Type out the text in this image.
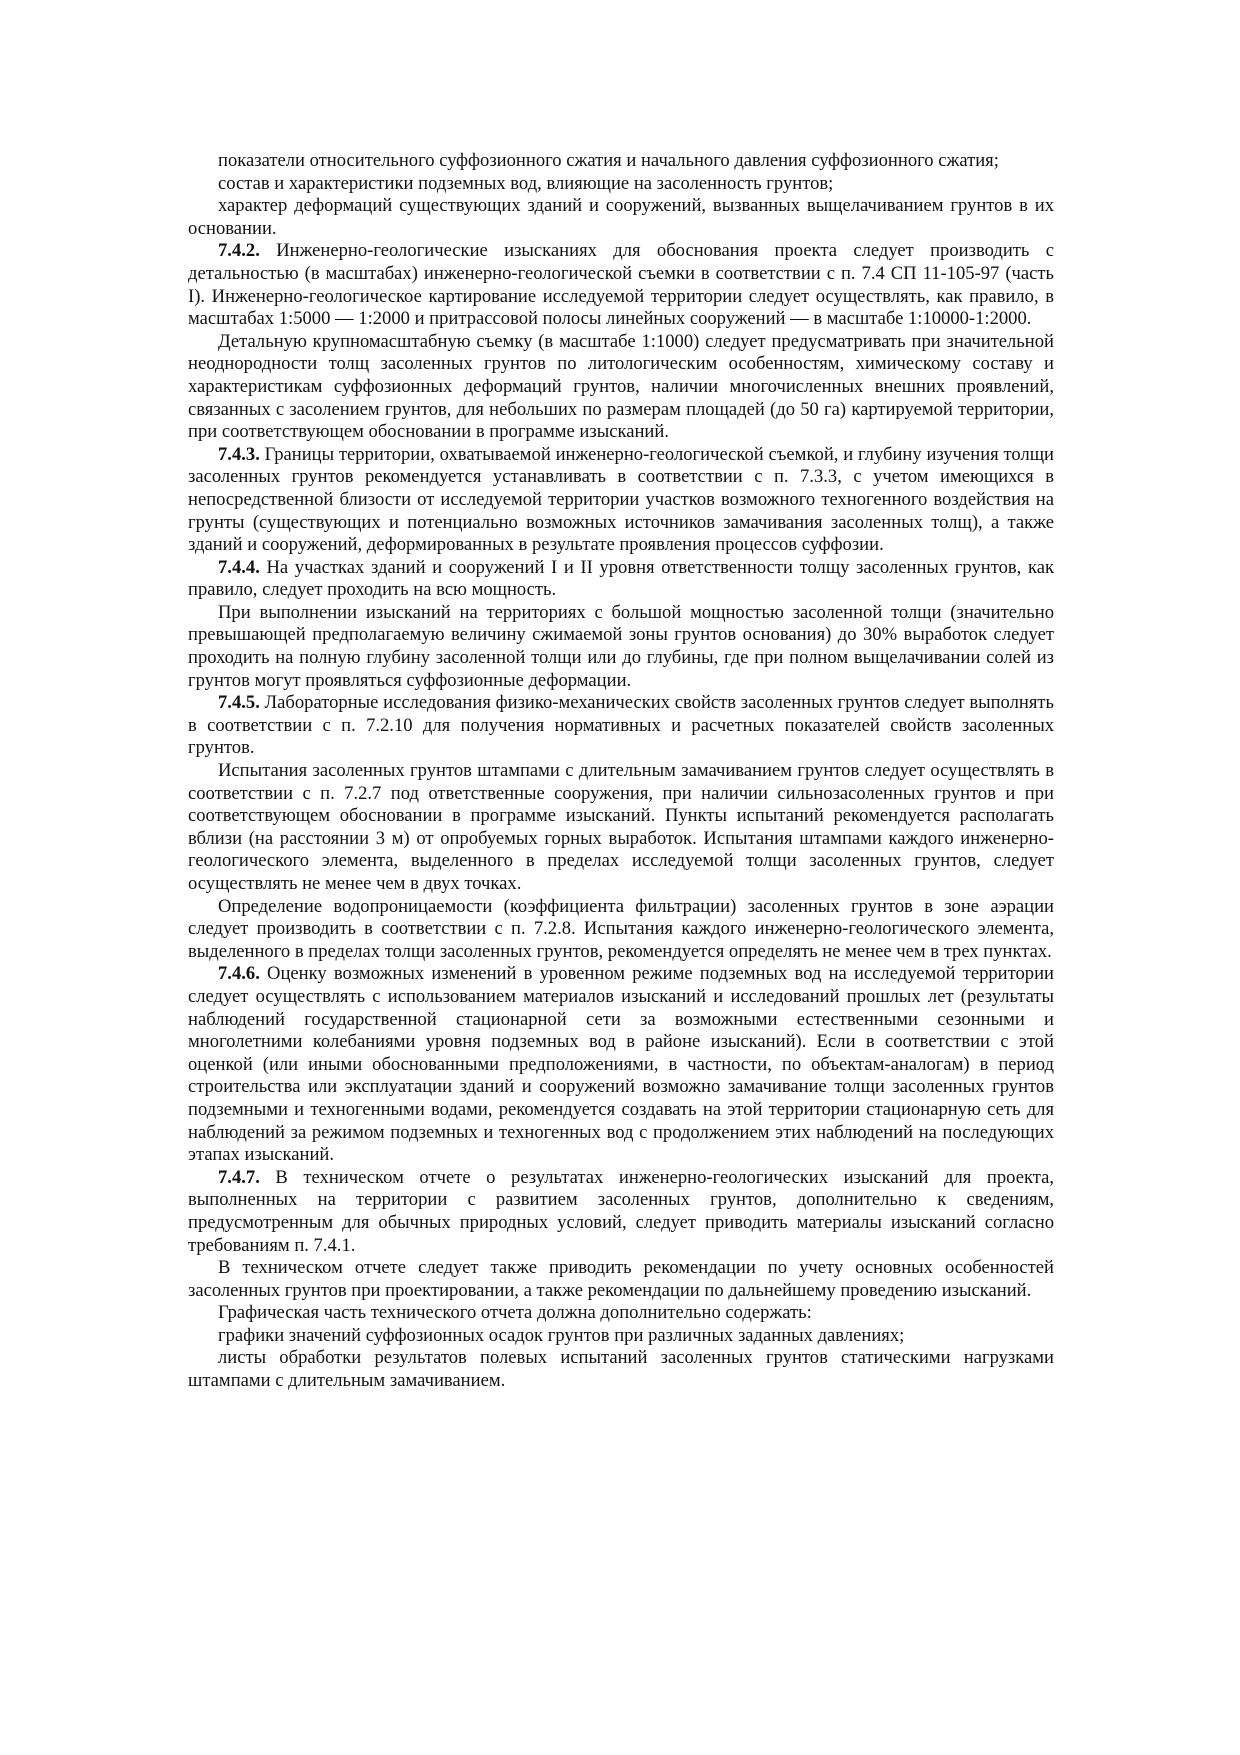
показатели относительного суффозионного сжатия и начального давления суффозионного сжатия;

состав и характеристики подземных вод, влияющие на засоленность грунтов;

характер деформаций существующих зданий и сооружений, вызванных выщелачиванием грунтов в их основании.

7.4.2. Инженерно-геологические изысканиях для обоснования проекта следует производить с детальностью (в масштабах) инженерно-геологической съемки в соответствии с п. 7.4 СП 11-105-97 (часть I). Инженерно-геологическое картирование исследуемой территории следует осуществлять, как правило, в масштабах 1:5000 — 1:2000 и притрассовой полосы линейных сооружений — в масштабе 1:10000-1:2000.

Детальную крупномасштабную съемку (в масштабе 1:1000) следует предусматривать при значительной неоднородности толщ засоленных грунтов по литологическим особенностям, химическому составу и характеристикам суффозионных деформаций грунтов, наличии многочисленных внешних проявлений, связанных с засолением грунтов, для небольших по размерам площадей (до 50 га) картируемой территории, при соответствующем обосновании в программе изысканий.

7.4.3. Границы территории, охватываемой инженерно-геологической съемкой, и глубину изучения толщи засоленных грунтов рекомендуется устанавливать в соответствии с п. 7.3.3, с учетом имеющихся в непосредственной близости от исследуемой территории участков возможного техногенного воздействия на грунты (существующих и потенциально возможных источников замачивания засоленных толщ), а также зданий и сооружений, деформированных в результате проявления процессов суффозии.

7.4.4. На участках зданий и сооружений I и II уровня ответственности толщу засоленных грунтов, как правило, следует проходить на всю мощность.

При выполнении изысканий на территориях с большой мощностью засоленной толщи (значительно превышающей предполагаемую величину сжимаемой зоны грунтов основания) до 30% выработок следует проходить на полную глубину засоленной толщи или до глубины, где при полном выщелачивании солей из грунтов могут проявляться суффозионные деформации.

7.4.5. Лабораторные исследования физико-механических свойств засоленных грунтов следует выполнять в соответствии с п. 7.2.10 для получения нормативных и расчетных показателей свойств засоленных грунтов.

Испытания засоленных грунтов штампами с длительным замачиванием грунтов следует осуществлять в соответствии с п. 7.2.7 под ответственные сооружения, при наличии сильнозасоленных грунтов и при соответствующем обосновании в программе изысканий. Пункты испытаний рекомендуется располагать вблизи (на расстоянии 3 м) от опробуемых горных выработок. Испытания штампами каждого инженерно-геологического элемента, выделенного в пределах исследуемой толщи засоленных грунтов, следует осуществлять не менее чем в двух точках.

Определение водопроницаемости (коэффициента фильтрации) засоленных грунтов в зоне аэрации следует производить в соответствии с п. 7.2.8. Испытания каждого инженерно-геологического элемента, выделенного в пределах толщи засоленных грунтов, рекомендуется определять не менее чем в трех пунктах.

7.4.6. Оценку возможных изменений в уровенном режиме подземных вод на исследуемой территории следует осуществлять с использованием материалов изысканий и исследований прошлых лет (результаты наблюдений государственной стационарной сети за возможными естественными сезонными и многолетними колебаниями уровня подземных вод в районе изысканий). Если в соответствии с этой оценкой (или иными обоснованными предположениями, в частности, по объектам-аналогам) в период строительства или эксплуатации зданий и сооружений возможно замачивание толщи засоленных грунтов подземными и техногенными водами, рекомендуется создавать на этой территории стационарную сеть для наблюдений за режимом подземных и техногенных вод с продолжением этих наблюдений на последующих этапах изысканий.

7.4.7. В техническом отчете о результатах инженерно-геологических изысканий для проекта, выполненных на территории с развитием засоленных грунтов, дополнительно к сведениям, предусмотренным для обычных природных условий, следует приводить материалы изысканий согласно требованиям п. 7.4.1.

В техническом отчете следует также приводить рекомендации по учету основных особенностей засоленных грунтов при проектировании, а также рекомендации по дальнейшему проведению изысканий.

Графическая часть технического отчета должна дополнительно содержать:

графики значений суффозионных осадок грунтов при различных заданных давлениях;

листы обработки результатов полевых испытаний засоленных грунтов статическими нагрузками штампами с длительным замачиванием.
